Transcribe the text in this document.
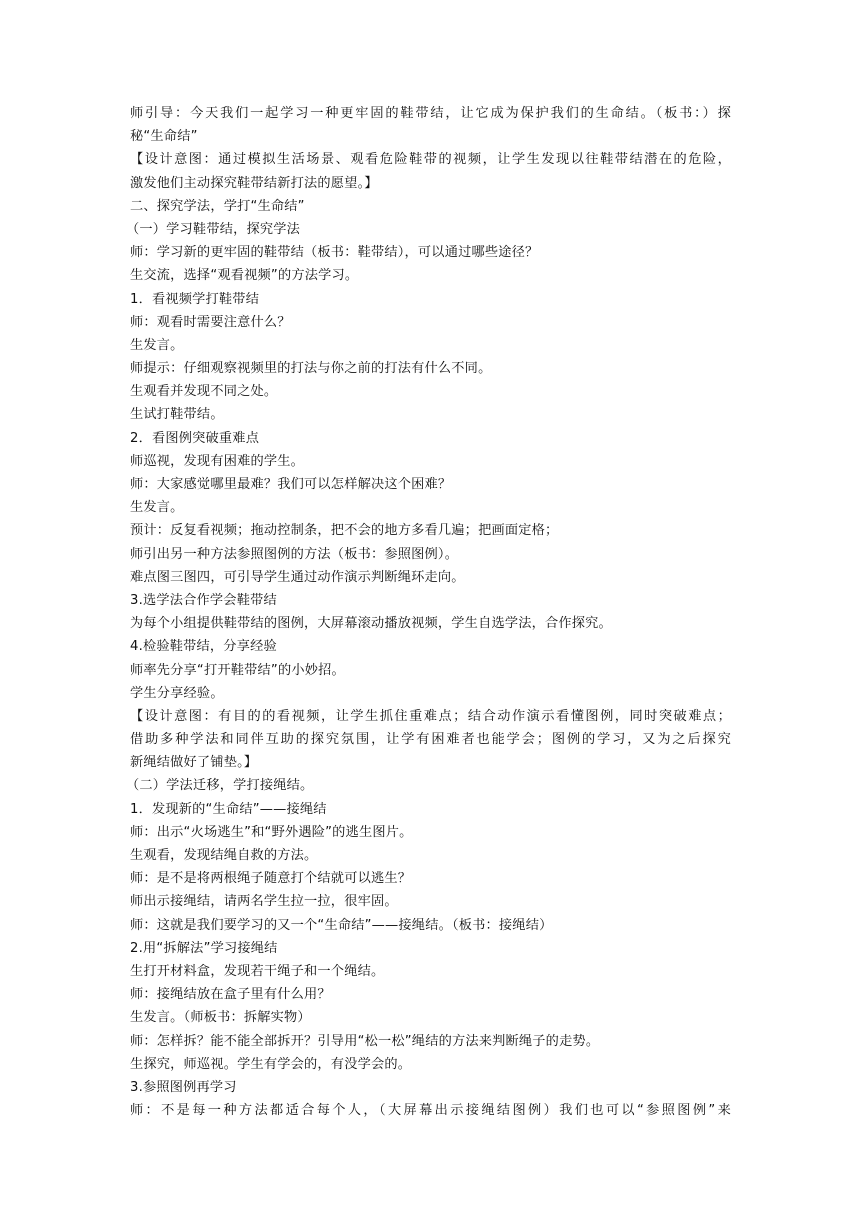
师引导：今天我们一起学习一种更牢固的鞋带结，让它成为保护我们的生命结。（板书：）探
秘“生命结”
【设计意图：通过模拟生活场景、观看危险鞋带的视频，让学生发现以往鞋带结潜在的危险，
激发他们主动探究鞋带结新打法的愿望。】
二、探究学法，学打“生命结”
（一）学习鞋带结，探究学法
师：学习新的更牢固的鞋带结（板书：鞋带结），可以通过哪些途径？
生交流，选择“观看视频”的方法学习。
1．看视频学打鞋带结
师：观看时需要注意什么？
生发言。
师提示：仔细观察视频里的打法与你之前的打法有什么不同。
生观看并发现不同之处。
生试打鞋带结。
2．看图例突破重难点
师巡视，发现有困难的学生。
师：大家感觉哪里最难？我们可以怎样解决这个困难？
生发言。
预计：反复看视频；拖动控制条，把不会的地方多看几遍；把画面定格；
师引出另一种方法参照图例的方法（板书：参照图例）。
难点图三图四，可引导学生通过动作演示判断绳环走向。
3.选学法合作学会鞋带结
为每个小组提供鞋带结的图例，大屏幕滚动播放视频，学生自选学法，合作探究。
4.检验鞋带结，分享经验
师率先分享“打开鞋带结”的小妙招。
学生分享经验。
【设计意图：有目的的看视频，让学生抓住重难点；结合动作演示看懂图例，同时突破难点；
借助多种学法和同伴互助的探究氛围，让学有困难者也能学会；图例的学习，又为之后探究
新绳结做好了铺垫。】
（二）学法迁移，学打接绳结。
1．发现新的“生命结”——接绳结
师：出示“火场逃生”和“野外遇险”的逃生图片。
生观看，发现结绳自救的方法。
师：是不是将两根绳子随意打个结就可以逃生？
师出示接绳结，请两名学生拉一拉，很牢固。
师：这就是我们要学习的又一个“生命结”——接绳结。（板书：接绳结）
2.用“拆解法”学习接绳结
生打开材料盒，发现若干绳子和一个绳结。
师：接绳结放在盒子里有什么用？
生发言。（师板书：拆解实物）
师：怎样拆？能不能全部拆开？引导用“松一松”绳结的方法来判断绳子的走势。
生探究，师巡视。学生有学会的，有没学会的。
3.参照图例再学习
师：不是每一种方法都适合每个人，（大屏幕出示接绳结图例）我们也可以“参照图例”来
